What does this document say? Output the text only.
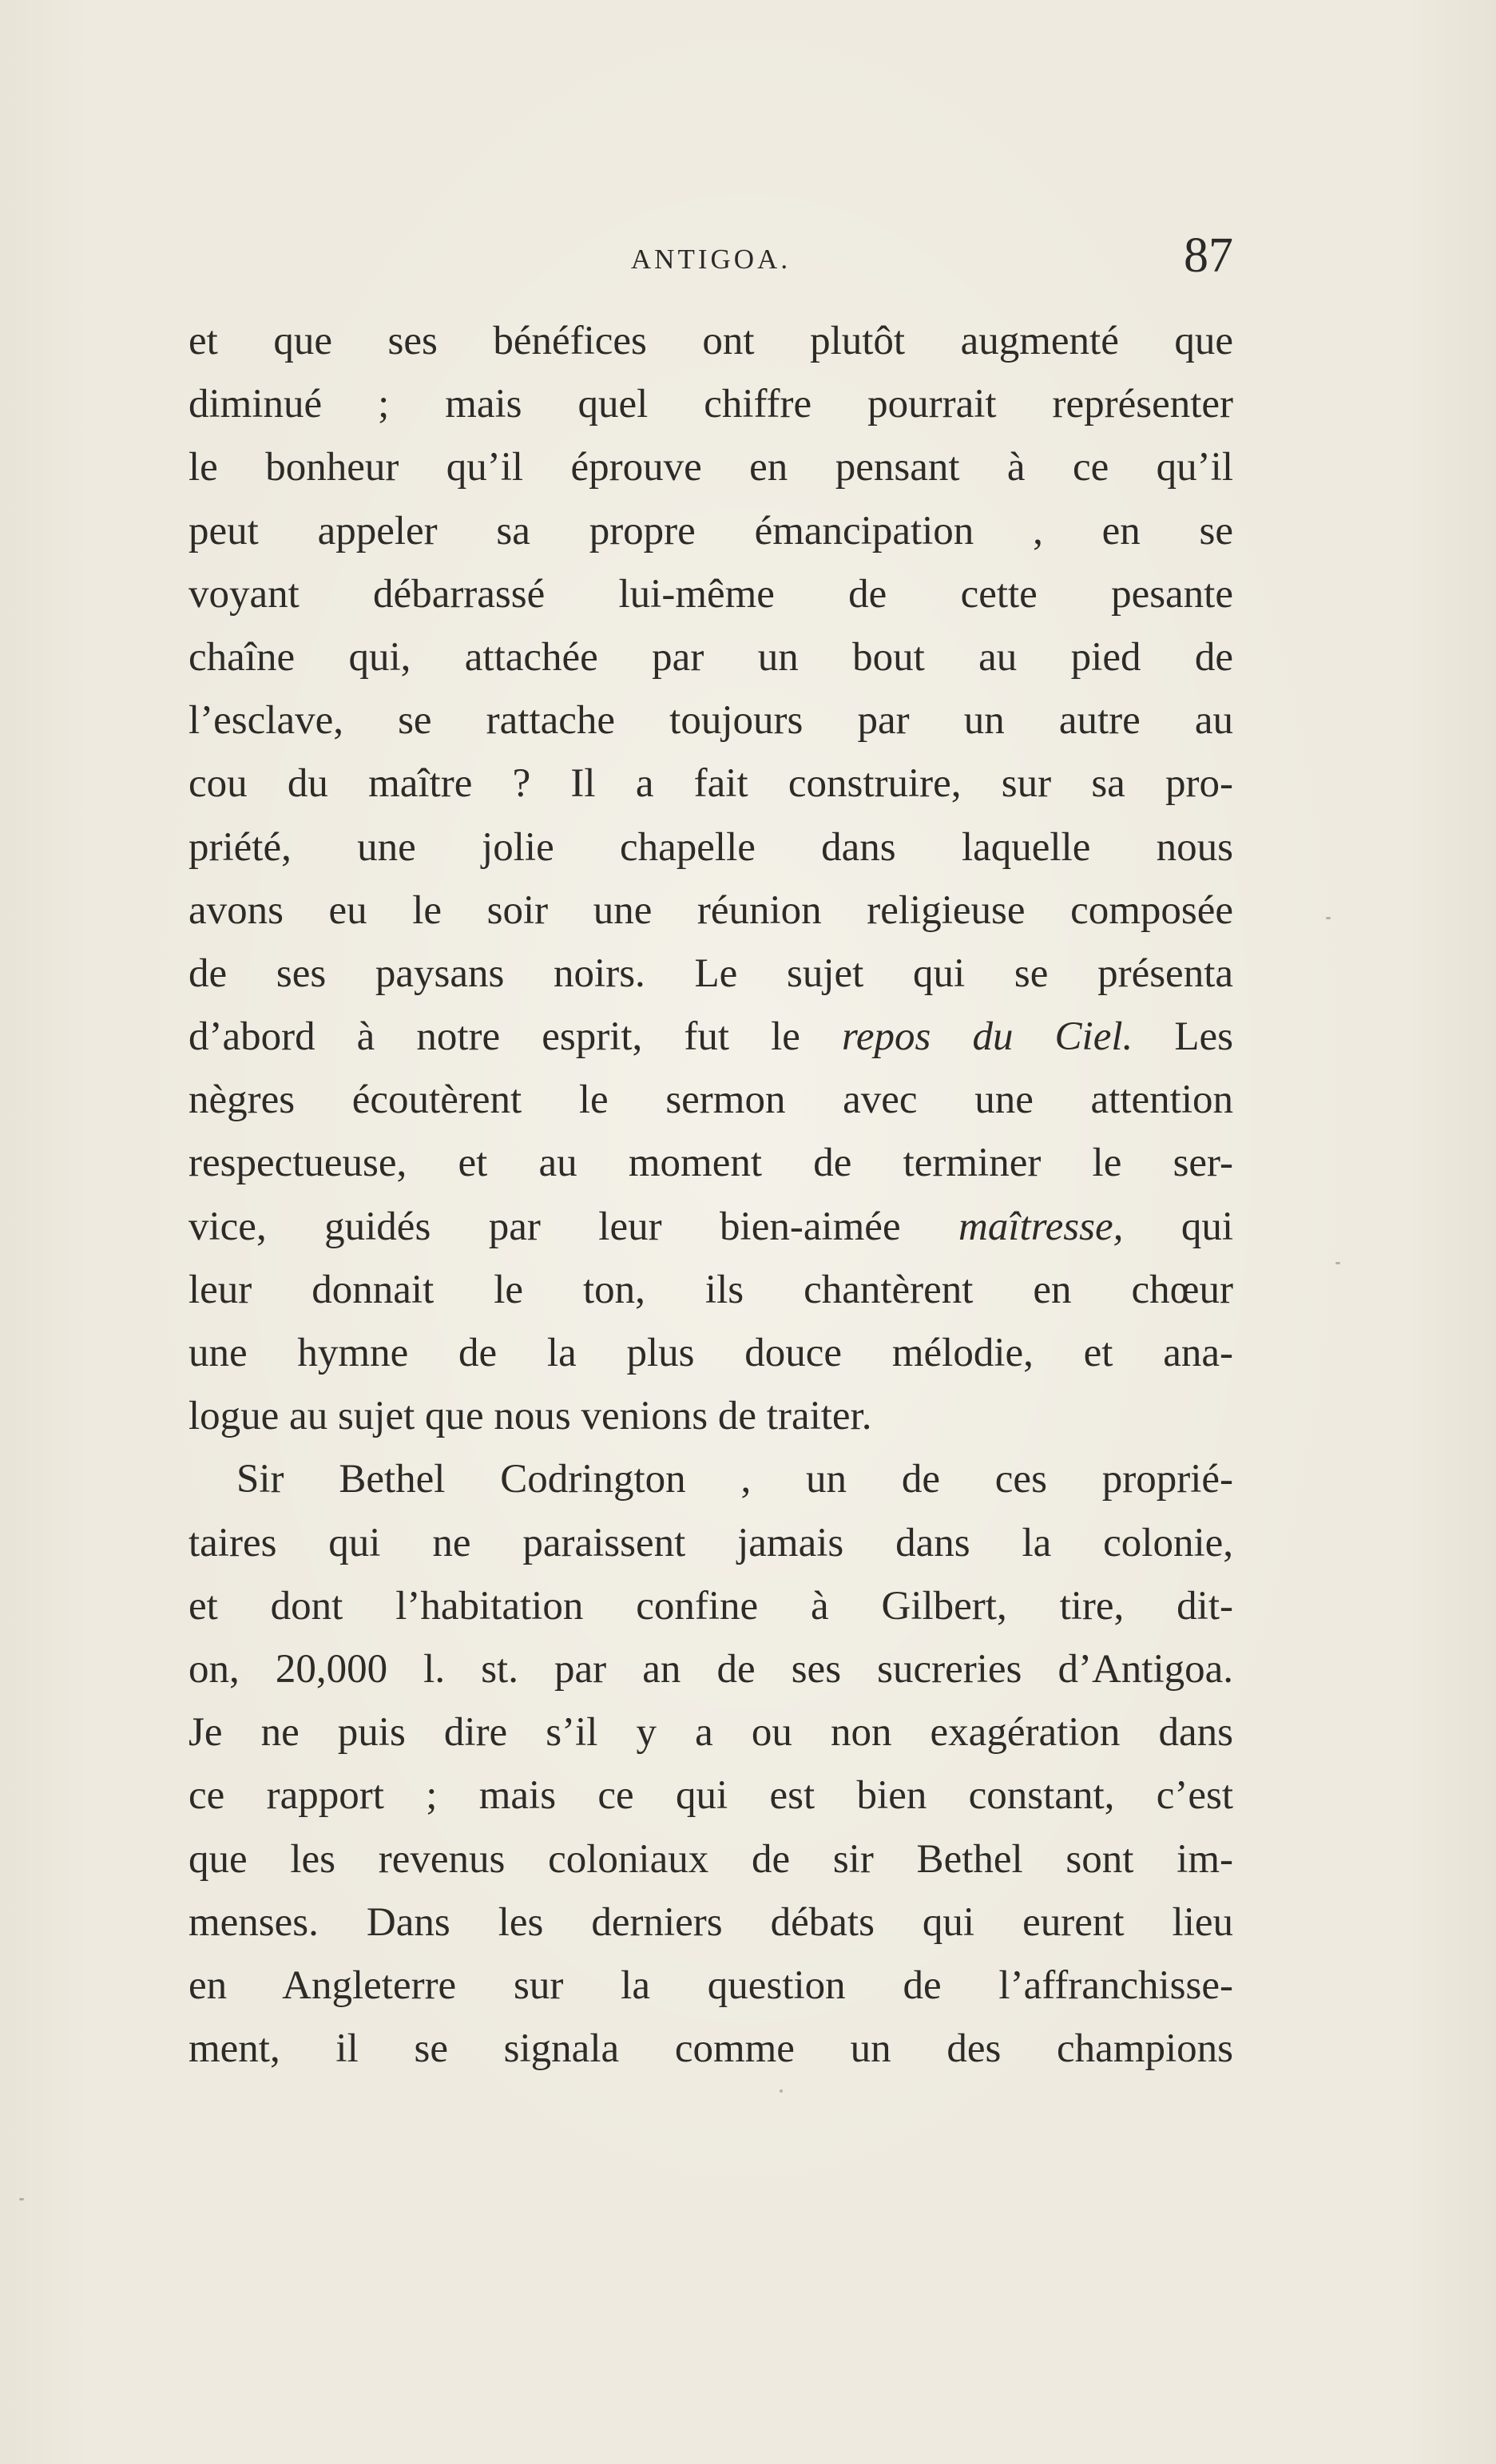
ANTIGOA.	87
et que ses bénéfices ont plutôt augmenté que
diminué ; mais quel chiffre pourrait représenter
le bonheur qu’il éprouve en pensant à ce qu’il
peut appeler sa propre émancipation , en se
voyant débarrassé lui-même de cette pesante
chaîne qui, attachée par un bout au pied de
l’esclave, se rattache toujours par un autre au
cou du maître ? Il a fait construire, sur sa pro-
priété, une jolie chapelle dans laquelle nous
avons eu le soir une réunion religieuse composée
de ses paysans noirs. Le sujet qui se présenta
d’abord à notre esprit, fut le repos du Ciel. Les
nègres écoutèrent le sermon avec une attention
respectueuse, et au moment de terminer le ser-
vice, guidés par leur bien-aimée maîtresse, qui
leur donnait le ton, ils chantèrent en chœur
une hymne de la plus douce mélodie, et ana-
logue au sujet que nous venions de traiter.
Sir Bethel Codrington , un de ces proprié-
taires qui ne paraissent jamais dans la colonie,
et dont l’habitation confine à Gilbert, tire, dit-
on, 20,000 l. st. par an de ses sucreries d’Antigoa.
Je ne puis dire s’il y a ou non exagération dans
ce rapport ; mais ce qui est bien constant, c’est
que les revenus coloniaux de sir Bethel sont im-
menses. Dans les derniers débats qui eurent lieu
en Angleterre sur la question de l’affranchisse-
ment, il se signala comme un des champions
